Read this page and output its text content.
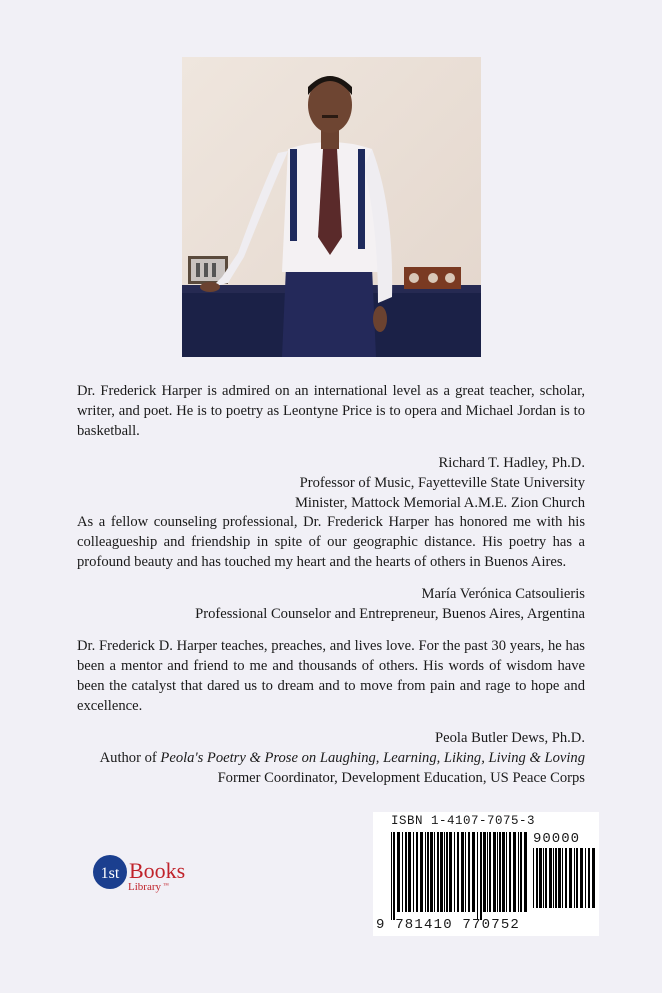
Dr. Frederick Harper is admired on an international level as a great teacher, scholar, writer, and poet. He is to poetry as Leontyne Price is to opera and Michael Jordan is to basketball.

Richard T. Hadley, Ph.D.
Professor of Music, Fayetteville State University
Minister, Mattock Memorial A.M.E. Zion Church

As a fellow counseling professional, Dr. Frederick Harper has honored me with his colleagueship and friendship in spite of our geographic distance. His poetry has a profound beauty and has touched my heart and the hearts of others in Buenos Aires.

María Verónica Catsoulieris
Professional Counselor and Entrepreneur, Buenos Aires, Argentina

Dr. Frederick D. Harper teaches, preaches, and lives love. For the past 30 years, he has been a mentor and friend to me and thousands of others. His words of wisdom have been the catalyst that dared us to dream and to move from pain and rage to hope and excellence.

Peola Butler Dews, Ph.D.
Author of Peola's Poetry & Prose on Laughing, Learning, Liking, Living & Loving
Former Coordinator, Development Education, US Peace Corps
1st Books
Library ™
ISBN 1-4107-7075-3
90000
9 781410 770752
